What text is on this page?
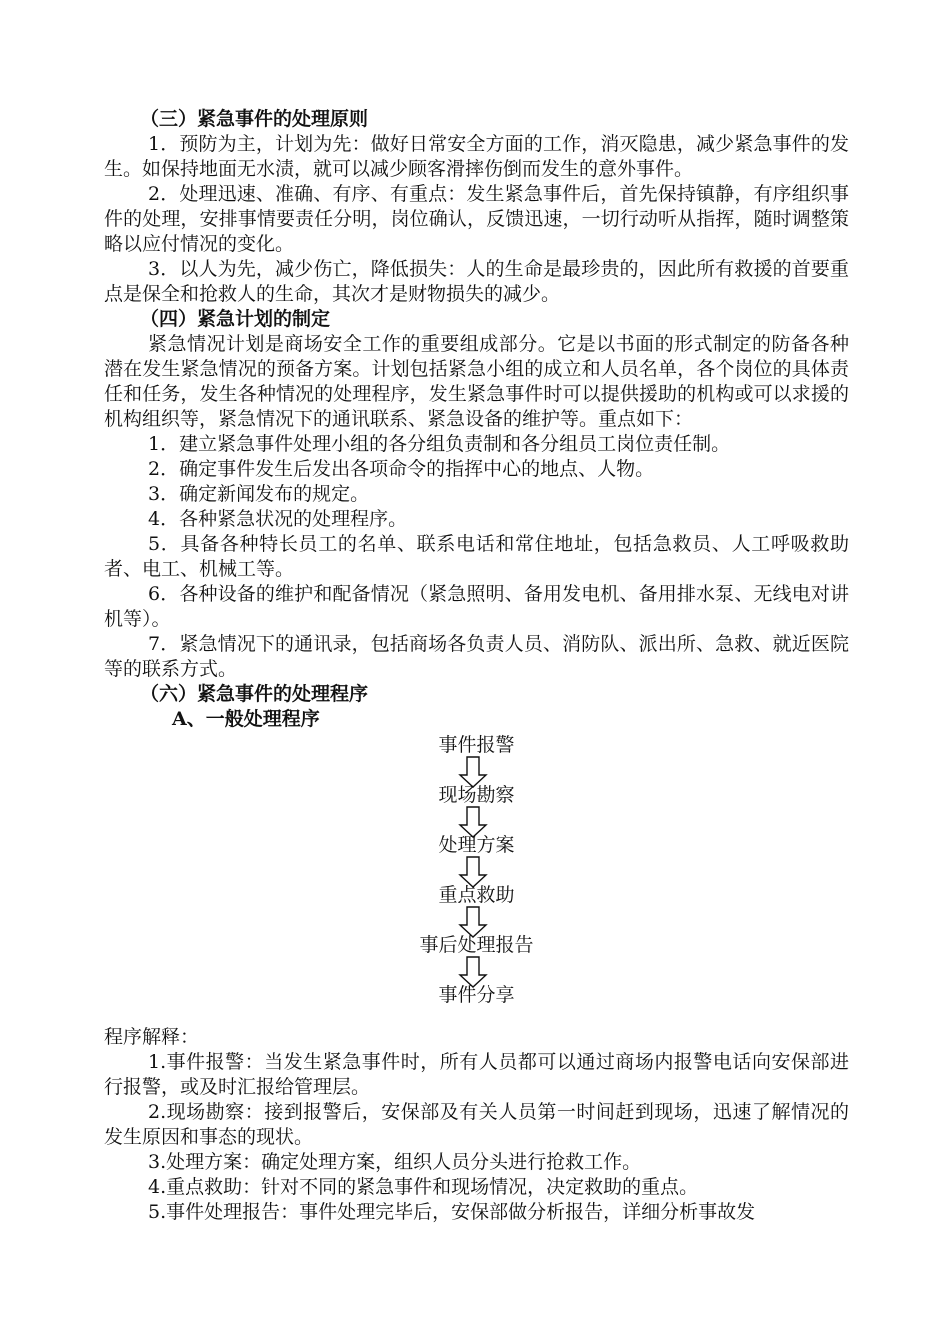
（三）紧急事件的处理原则

1．预防为主，计划为先：做好日常安全方面的工作，消灭隐患，减少紧急事件的发生。如保持地面无水渍，就可以减少顾客滑摔伤倒而发生的意外事件。

2．处理迅速、准确、有序、有重点：发生紧急事件后，首先保持镇静，有序组织事件的处理，安排事情要责任分明，岗位确认，反馈迅速，一切行动听从指挥，随时调整策略以应付情况的变化。

3．以人为先，减少伤亡，降低损失：人的生命是最珍贵的，因此所有救援的首要重点是保全和抢救人的生命，其次才是财物损失的减少。

（四）紧急计划的制定

紧急情况计划是商场安全工作的重要组成部分。它是以书面的形式制定的防备各种潜在发生紧急情况的预备方案。计划包括紧急小组的成立和人员名单，各个岗位的具体责任和任务，发生各种情况的处理程序，发生紧急事件时可以提供援助的机构或可以求援的机构组织等，紧急情况下的通讯联系、紧急设备的维护等。重点如下：

1．建立紧急事件处理小组的各分组负责制和各分组员工岗位责任制。

2．确定事件发生后发出各项命令的指挥中心的地点、人物。

3．确定新闻发布的规定。

4．各种紧急状况的处理程序。

5．具备各种特长员工的名单、联系电话和常住地址，包括急救员、人工呼吸救助者、电工、机械工等。

6．各种设备的维护和配备情况（紧急照明、备用发电机、备用排水泵、无线电对讲机等）。

7．紧急情况下的通讯录，包括商场各负责人员、消防队、派出所、急救、就近医院等的联系方式。

（六）紧急事件的处理程序

A、一般处理程序

事件报警
现场勘察
处理方案
重点救助
事后处理报告
事件分享

程序解释：

1.事件报警：当发生紧急事件时，所有人员都可以通过商场内报警电话向安保部进行报警，或及时汇报给管理层。

2.现场勘察：接到报警后，安保部及有关人员第一时间赶到现场，迅速了解情况的发生原因和事态的现状。

3.处理方案：确定处理方案，组织人员分头进行抢救工作。

4.重点救助：针对不同的紧急事件和现场情况，决定救助的重点。

5.事件处理报告：事件处理完毕后，安保部做分析报告，详细分析事故发
